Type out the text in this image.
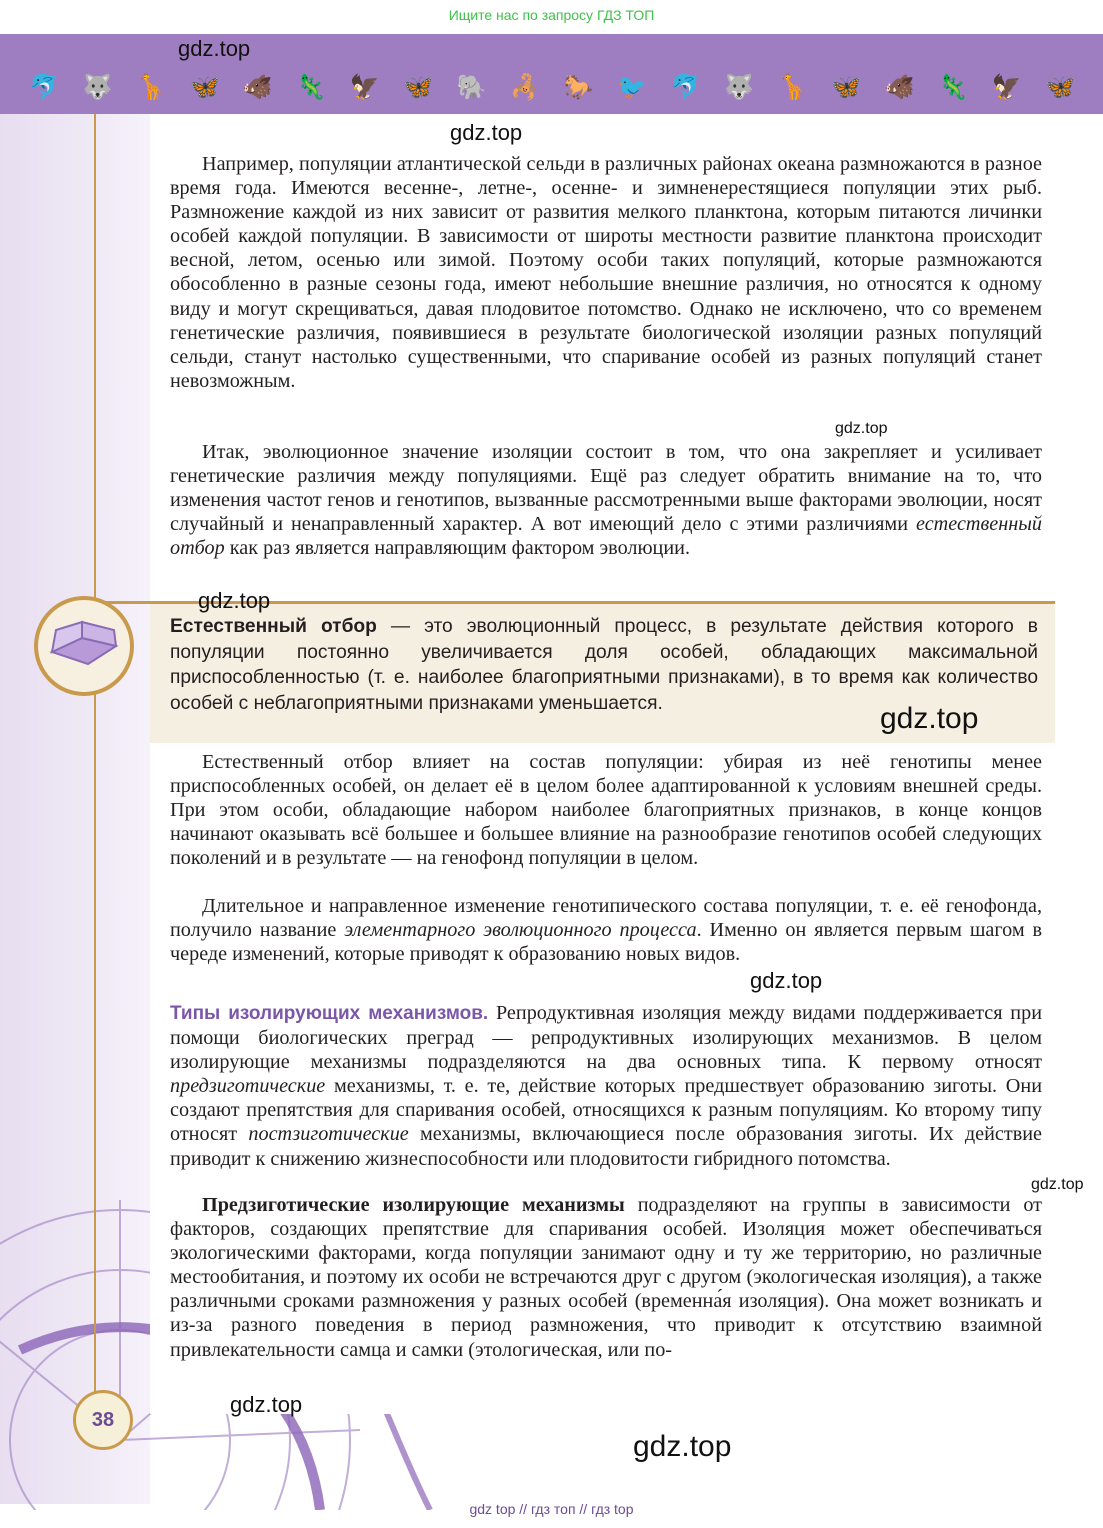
Ищите нас по запросу ГДЗ ТОП
🐬 🐺 🦒 🦋 🐗 🦎 🦅 🦋 🐘 🦂 🐎 🐦 🐬 🐺 🦒 🦋 🐗 🦎 🦅 🦋

Например, популяции атлантической сельди в различных районах океана размножаются в разное время года. Имеются весенне-, летне-, осенне- и зимненерестящиеся популяции этих рыб. Размножение каждой из них зависит от развития мелкого планктона, которым питаются личинки особей каждой популяции. В зависимости от широты местности развитие планктона происходит весной, летом, осенью или зимой. Поэтому особи таких популяций, которые размножаются обособленно в разные сезоны года, имеют небольшие внешние различия, но относятся к одному виду и могут скрещиваться, давая плодовитое потомство. Однако не исключено, что со временем генетические различия, появившиеся в результате биологической изоляции разных популяций сельди, станут настолько существенными, что спаривание особей из разных популяций станет невозможным.

Итак, эволюционное значение изоляции состоит в том, что она закрепляет и усиливает генетические различия между популяциями. Ещё раз следует обратить внимание на то, что изменения частот генов и генотипов, вызванные рассмотренными выше факторами эволюции, носят случайный и ненаправленный характер. А вот имеющий дело с этими различиями естественный отбор как раз является направляющим фактором эволюции.

Естественный отбор — это эволюционный процесс, в результате действия которого в популяции постоянно увеличивается доля особей, обладающих максимальной приспособленностью (т. е. наиболее благоприятными признаками), в то время как количество особей с неблагоприятными признаками уменьшается.

Естественный отбор влияет на состав популяции: убирая из неё генотипы менее приспособленных особей, он делает её в целом более адаптированной к условиям внешней среды. При этом особи, обладающие набором наиболее благоприятных признаков, в конце концов начинают оказывать всё большее и большее влияние на разнообразие генотипов особей следующих поколений и в результате — на генофонд популяции в целом.

Длительное и направленное изменение генотипического состава популяции, т. е. её генофонда, получило название элементарного эволюционного процесса. Именно он является первым шагом в череде изменений, которые приводят к образованию новых видов.

Типы изолирующих механизмов. Репродуктивная изоляция между видами поддерживается при помощи биологических преград — репродуктивных изолирующих механизмов. В целом изолирующие механизмы подразделяются на два основных типа. К первому относят предзиготические механизмы, т. е. те, действие которых предшествует образованию зиготы. Они создают препятствия для спаривания особей, относящихся к разным популяциям. Ко второму типу относят постзиготические механизмы, включающиеся после образования зиготы. Их действие приводит к снижению жизнеспособности или плодовитости гибридного потомства.

Предзиготические изолирующие механизмы подразделяют на группы в зависимости от факторов, создающих препятствие для спаривания особей. Изоляция может обеспечиваться экологическими факторами, когда популяции занимают одну и ту же территорию, но различные местообитания, и поэтому их особи не встречаются друг с другом (экологическая изоляция), а также различными сроками размножения у разных особей (временна́я изоляция). Она может возникать и из-за разного поведения в период размножения, что приводит к отсутствию взаимной привлекательности самца и самки (этологическая, или по-

38
gdz.top
gdz.top
gdz.top
gdz.top
gdz.top
gdz.top
gdz.top
gdz.top
gdz.top
gdz top // гдз топ // гдз top
